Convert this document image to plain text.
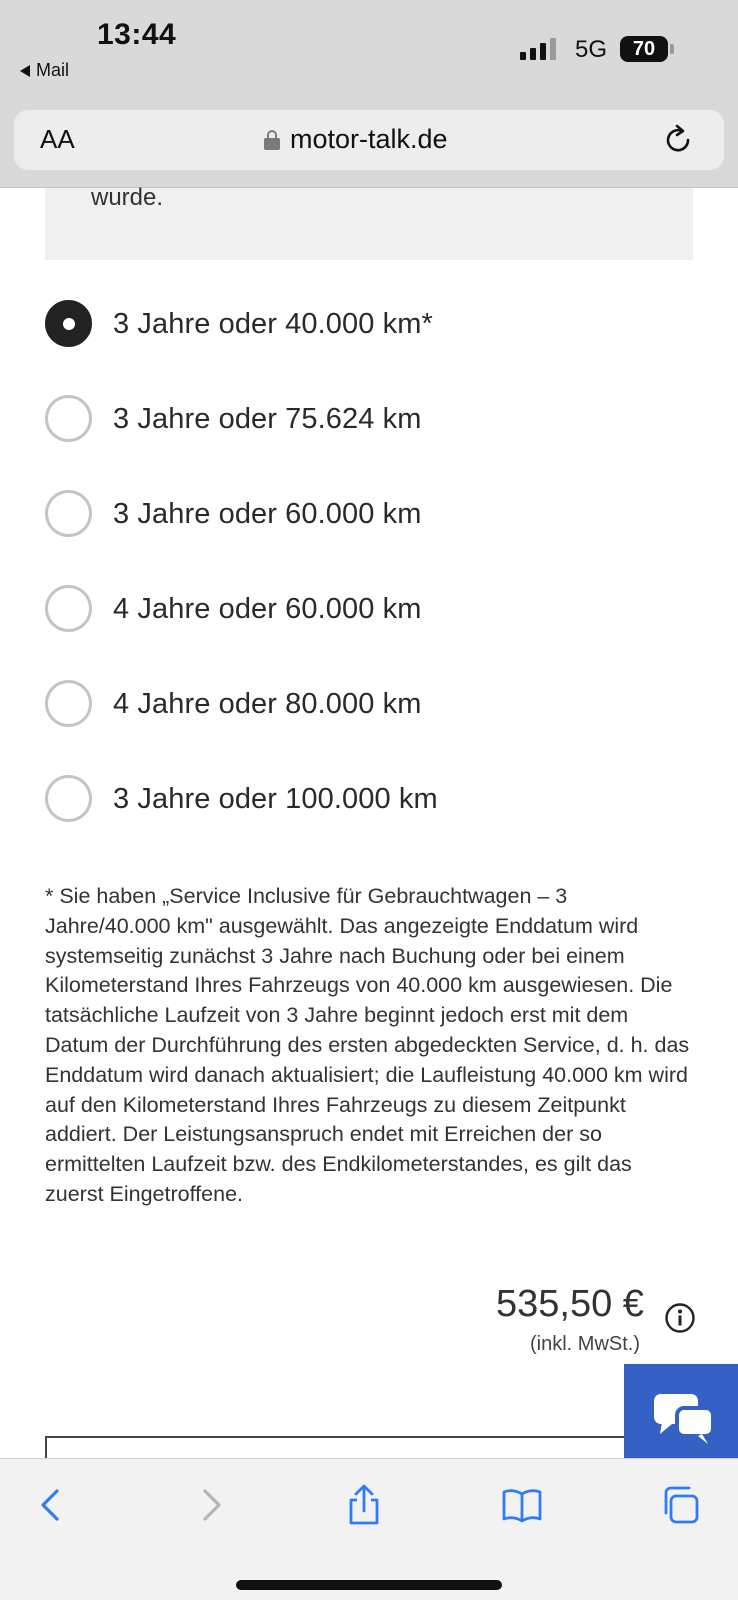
13:44
Mail
5G 70
AA	motor-talk.de
wurde.
3 Jahre oder 40.000 km*
3 Jahre oder 75.624 km
3 Jahre oder 60.000 km
4 Jahre oder 60.000 km
4 Jahre oder 80.000 km
3 Jahre oder 100.000 km
* Sie haben „Service Inclusive für Gebrauchtwagen – 3 Jahre/40.000 km" ausgewählt. Das angezeigte Enddatum wird systemseitig zunächst 3 Jahre nach Buchung oder bei einem Kilometerstand Ihres Fahrzeugs von 40.000 km ausgewiesen. Die tatsächliche Laufzeit von 3 Jahre beginnt jedoch erst mit dem Datum der Durchführung des ersten abgedeckten Service, d. h. das Enddatum wird danach aktualisiert; die Laufleistung 40.000 km wird auf den Kilometerstand Ihres Fahrzeugs zu diesem Zeitpunkt addiert. Der Leistungsanspruch endet mit Erreichen der so ermittelten Laufzeit bzw. des Endkilometerstandes, es gilt das zuerst Eingetroffene.
535,50 €
(inkl. MwSt.)
